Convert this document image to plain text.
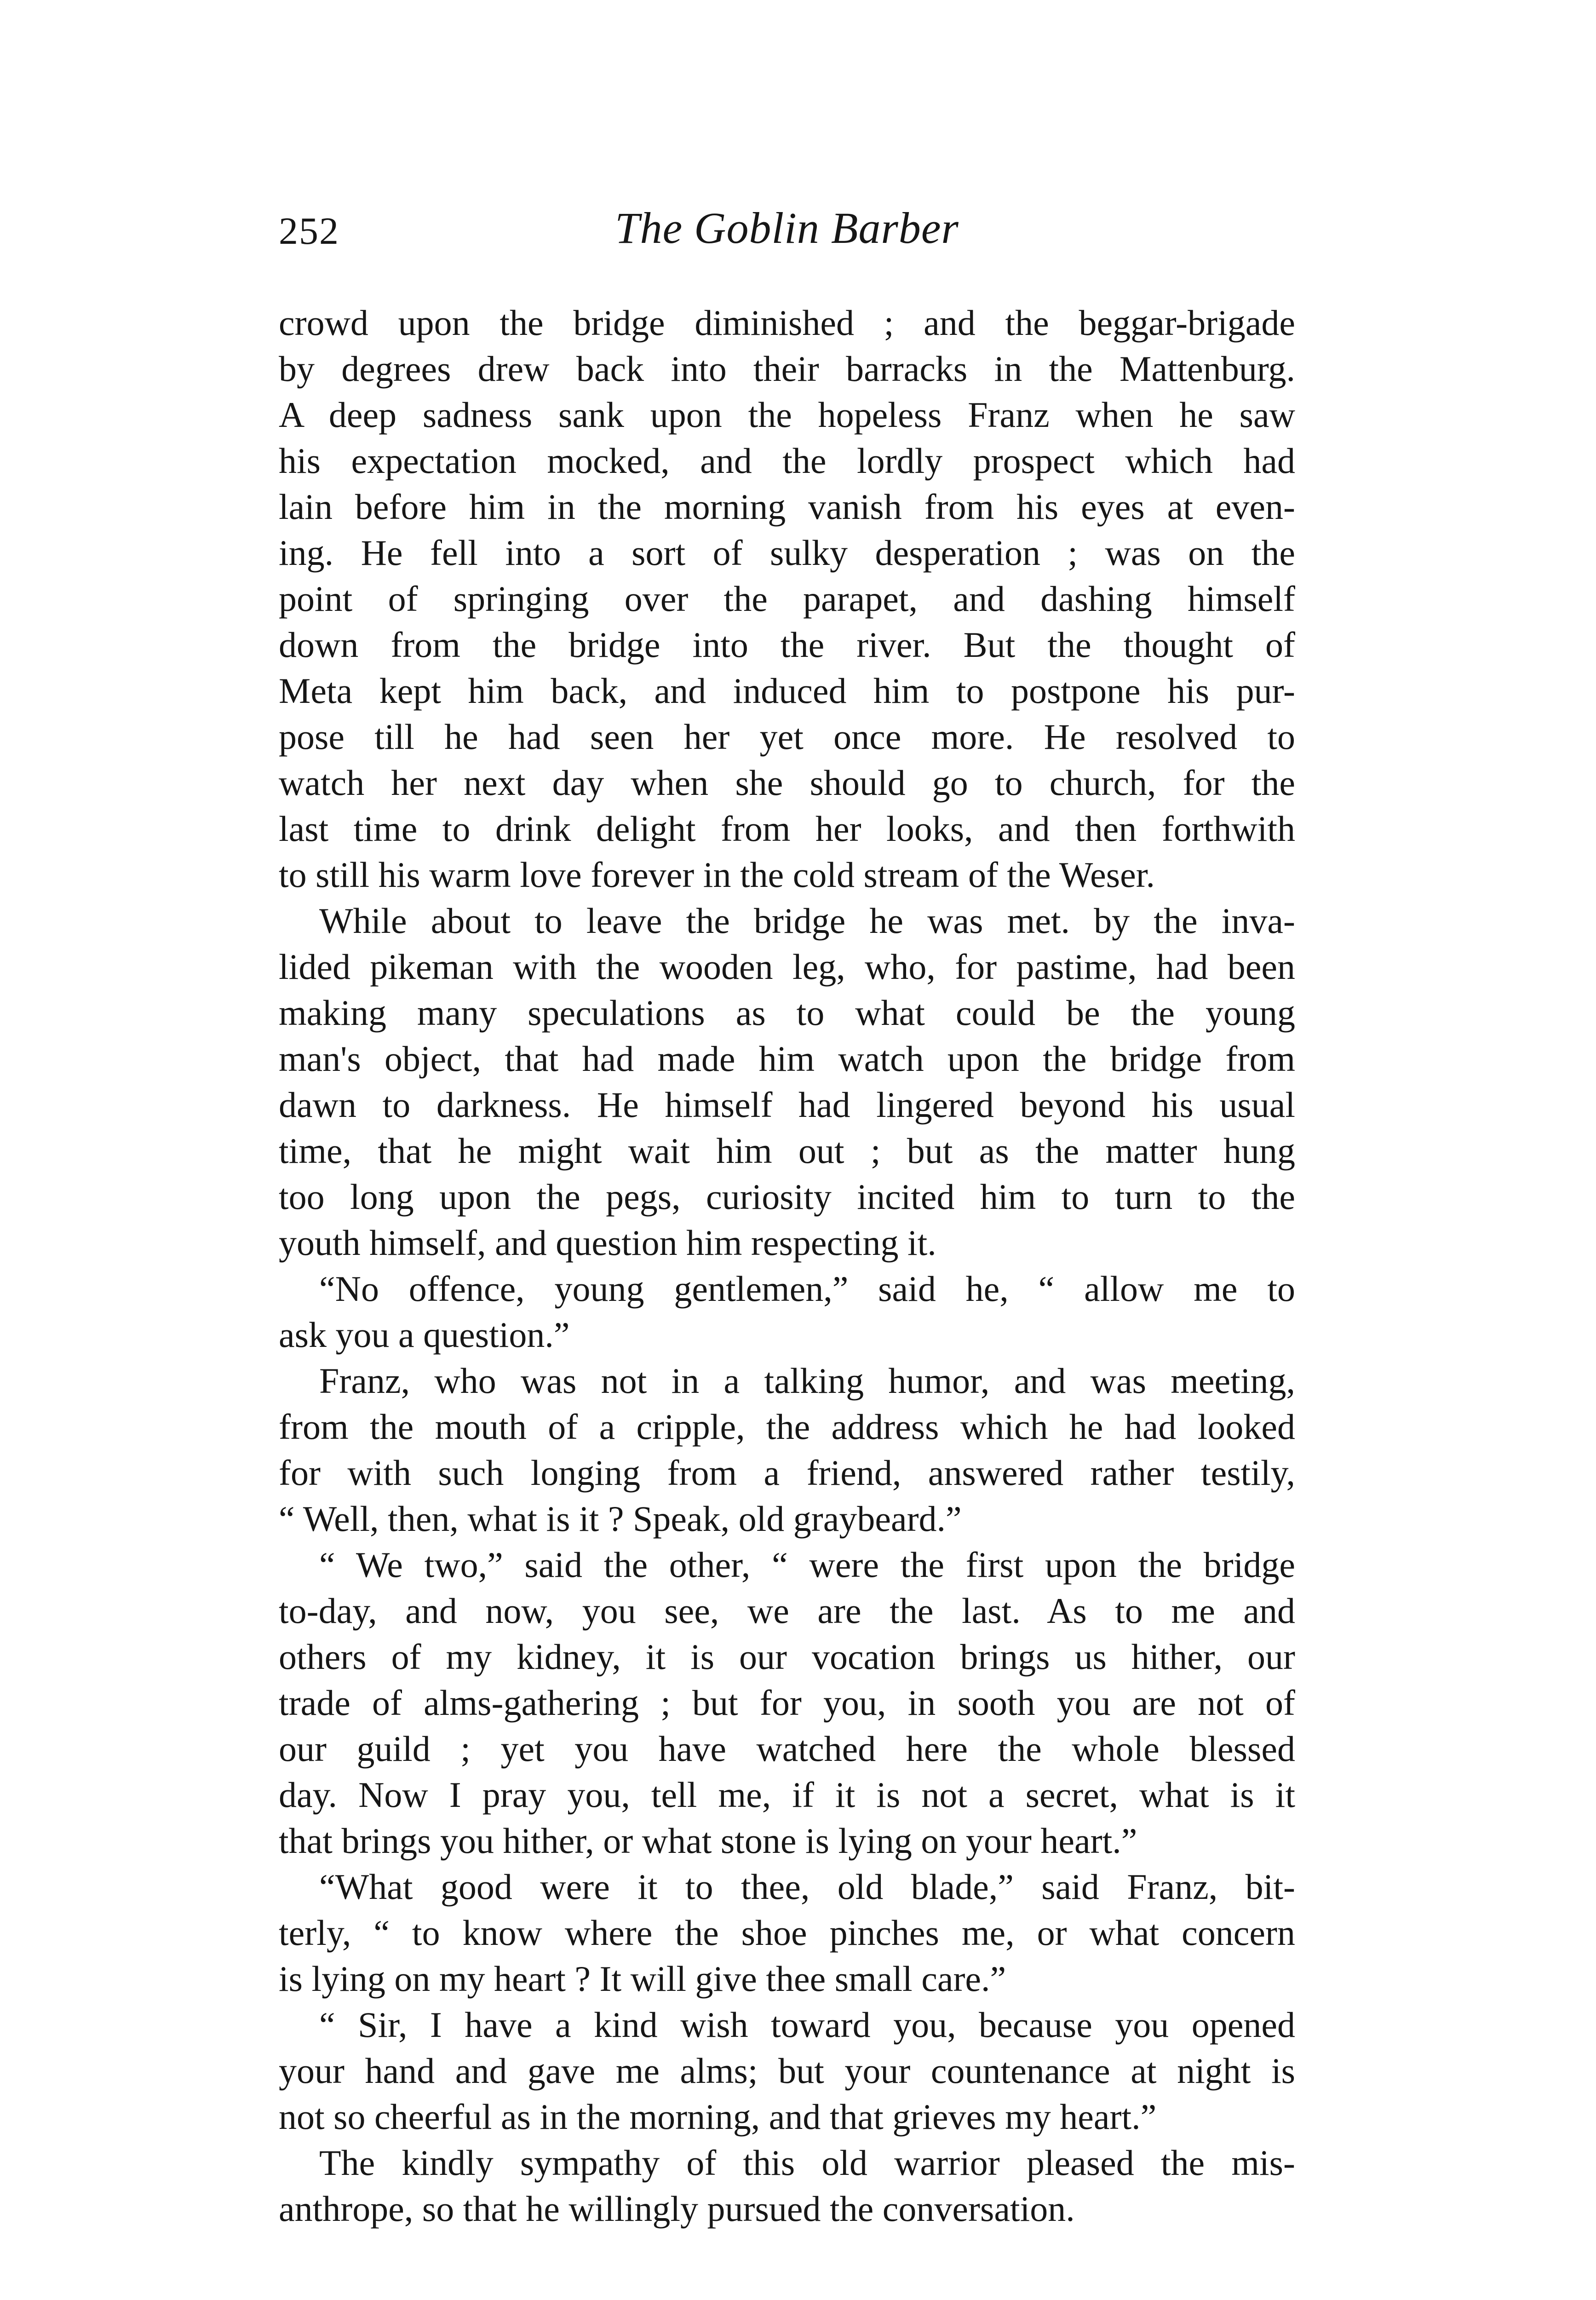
252	The Goblin Barber
crowd upon the bridge diminished ; and the beggar-brigade
by degrees drew back into their barracks in the Mattenburg.
A deep sadness sank upon the hopeless Franz when he saw
his expectation mocked, and the lordly prospect which had
lain before him in the morning vanish from his eyes at even-
ing. He fell into a sort of sulky desperation ; was on the
point of springing over the parapet, and dashing himself
down from the bridge into the river. But the thought of
Meta kept him back, and induced him to postpone his pur-
pose till he had seen her yet once more. He resolved to
watch her next day when she should go to church, for the
last time to drink delight from her looks, and then forthwith
to still his warm love forever in the cold stream of the Weser.
While about to leave the bridge he was met. by the inva-
lided pikeman with the wooden leg, who, for pastime, had been
making many speculations as to what could be the young
man's object, that had made him watch upon the bridge from
dawn to darkness. He himself had lingered beyond his usual
time, that he might wait him out ; but as the matter hung
too long upon the pegs, curiosity incited him to turn to the
youth himself, and question him respecting it.
“No offence, young gentlemen,” said he, “ allow me to
ask you a question.”
Franz, who was not in a talking humor, and was meeting,
from the mouth of a cripple, the address which he had looked
for with such longing from a friend, answered rather testily,
“ Well, then, what is it ? Speak, old graybeard.”
“ We two,” said the other, “ were the first upon the bridge
to-day, and now, you see, we are the last. As to me and
others of my kidney, it is our vocation brings us hither, our
trade of alms-gathering ; but for you, in sooth you are not of
our guild ; yet you have watched here the whole blessed
day. Now I pray you, tell me, if it is not a secret, what is it
that brings you hither, or what stone is lying on your heart.”
“What good were it to thee, old blade,” said Franz, bit-
terly, “ to know where the shoe pinches me, or what concern
is lying on my heart ? It will give thee small care.”
“ Sir, I have a kind wish toward you, because you opened
your hand and gave me alms; but your countenance at night is
not so cheerful as in the morning, and that grieves my heart.”
The kindly sympathy of this old warrior pleased the mis-
anthrope, so that he willingly pursued the conversation.
